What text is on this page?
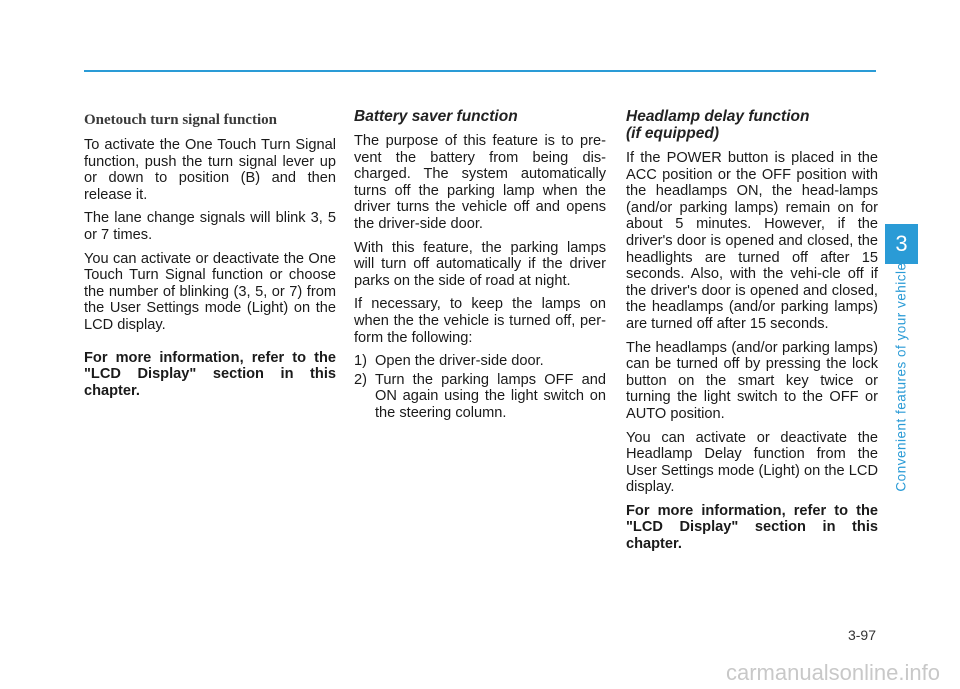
Onetouch turn signal function

To activate the One Touch Turn Signal function, push the turn signal lever up or down to position (B) and then release it.

The lane change signals will blink 3, 5 or 7 times.

You can activate or deactivate the One Touch Turn Signal function or choose the number of blinking (3, 5, or 7) from the User Settings mode (Light) on the LCD display.

For more information, refer to the "LCD Display" section in this chapter.

Battery saver function

The purpose of this feature is to pre-vent the battery from being dis-charged. The system automatically turns off the parking lamp when the driver turns the vehicle off and opens the driver-side door.

With this feature, the parking lamps will turn off automatically if the driver parks on the side of road at night.

If necessary, to keep the lamps on when the the vehicle is turned off, per-form the following:

1) Open the driver-side door.
2) Turn the parking lamps OFF and ON again using the light switch on the steering column.
Headlamp delay function
(if equipped)

If the POWER button is placed in the ACC position or the OFF position with the headlamps ON, the head-lamps (and/or parking lamps) remain on for about 5 minutes. However, if the driver's door is opened and closed, the headlights are turned off after 15 seconds. Also, with the vehi-cle off if the driver's door is opened and closed, the headlamps (and/or parking lamps) are turned off after 15 seconds.

The headlamps (and/or parking lamps) can be turned off by pressing the lock button on the smart key twice or turning the light switch to the OFF or AUTO position.

You can activate or deactivate the Headlamp Delay function from the User Settings mode (Light) on the LCD display.

For more information, refer to the "LCD Display" section in this chapter.

3
Convenient features of your vehicle
3-97
carmanualsonline.info
